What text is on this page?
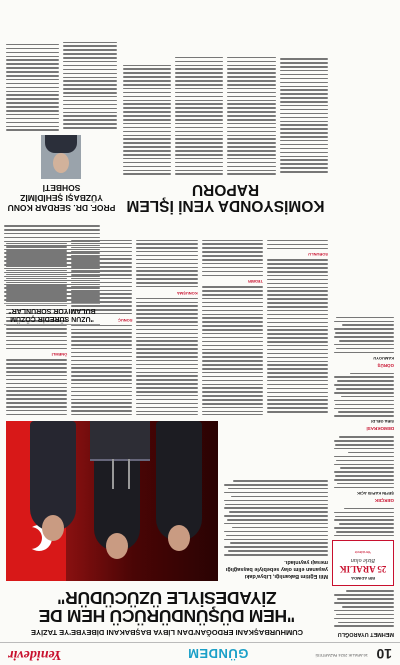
10
16 ARALIK 2024 PAZARTESİ
GÜNDEM
Yenidevir
MEHMET UYAROĞLU
BİR ADIMDA
25 ARALIK
Bizle olun
Yenidevir
GERÇEK
ŞEFİN KAPISI AÇIK
DEMOKRASİ
SIRA GELDİ
GÖRÜŞ
KAMUOYU
CUMHURBAŞKANI ERDOĞAN'DAN LİBYA BAŞBAKANI DİBEYBE'YE TAZİYE
"HEM DÜŞÜNDÜRÜCÜ HEM DE ZİYADESİYLE ÜZÜCÜDÜR"
Mili Eğitim Bakanlığı, Libya'daki yaşanan elim olay sebebiyle başsağlığı mesajı yayınladı.
SORUNLU
TEDBİR
KONUŞMA
SONUÇ
ÖNEMLİ
KOMİSYONDA YENİ İŞLEM RAPORU
PROF. DR. SERDAR KONU YÜZBAŞI ŞEHİDİMİZ SOHBETİ
"UZUN SÜREDİR ÇÖZÜM BULAMIYOR SORUNLAR"
